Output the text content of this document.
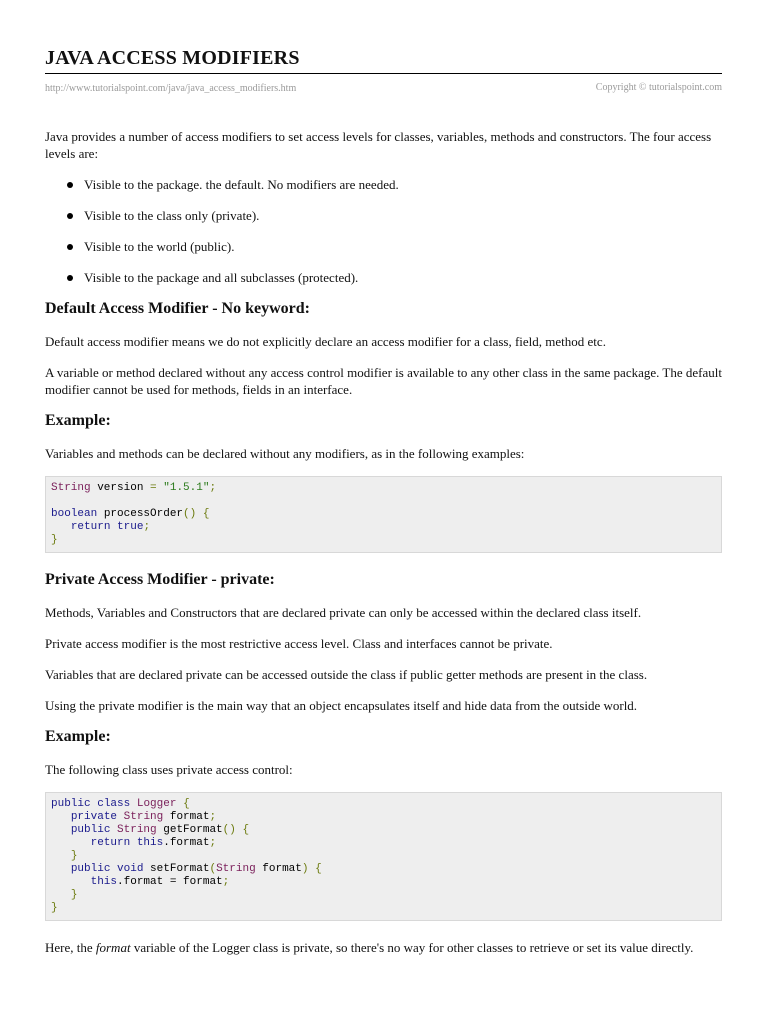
JAVA ACCESS MODIFIERS
http://www.tutorialspoint.com/java/java_access_modifiers.htm	Copyright © tutorialspoint.com

Java provides a number of access modifiers to set access levels for classes, variables, methods and constructors. The four access levels are:

Visible to the package. the default. No modifiers are needed.
Visible to the class only (private).
Visible to the world (public).
Visible to the package and all subclasses (protected).
Default Access Modifier - No keyword:

Default access modifier means we do not explicitly declare an access modifier for a class, field, method etc.

A variable or method declared without any access control modifier is available to any other class in the same package. The default modifier cannot be used for methods, fields in an interface.

Example:

Variables and methods can be declared without any modifiers, as in the following examples:

String version = "1.5.1";

boolean processOrder() {
return true;
}
Private Access Modifier - private:

Methods, Variables and Constructors that are declared private can only be accessed within the declared class itself.

Private access modifier is the most restrictive access level. Class and interfaces cannot be private.

Variables that are declared private can be accessed outside the class if public getter methods are present in the class.

Using the private modifier is the main way that an object encapsulates itself and hide data from the outside world.

Example:

The following class uses private access control:

public class Logger {
private String format;
public String getFormat() {
return this.format;
}
public void setFormat(String format) {
this.format = format;
}
}

Here, the format variable of the Logger class is private, so there's no way for other classes to retrieve or set its value directly.
